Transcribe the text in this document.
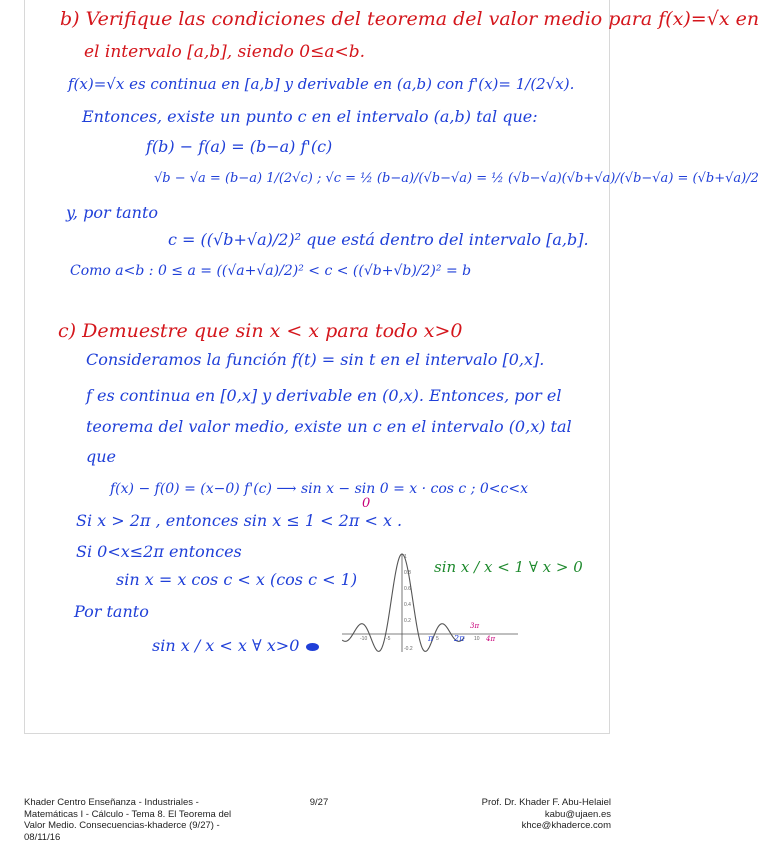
b) Verifique las condiciones del teorema del valor medio para f(x)=√x en
el intervalo [a,b], siendo 0≤a<b.
f(x)=√x es continua en [a,b] y derivable en (a,b) con f'(x)= 1/(2√x).
Entonces, existe un punto c en el intervalo (a,b) tal que:
f(b) − f(a) = (b−a) f'(c)
√b − √a = (b−a) 1/(2√c) ; √c = ½ (b−a)/(√b−√a) = ½ (√b−√a)(√b+√a)/(√b−√a) = (√b+√a)/2
y, por tanto
c = ((√b+√a)/2)² que está dentro del intervalo [a,b].
Como a<b : 0 ≤ a = ((√a+√a)/2)² < c < ((√b+√b)/2)² = b
c) Demuestre que sin x < x para todo x>0
Consideramos la función f(t) = sin t en el intervalo [0,x].
f es continua en [0,x] y derivable en (0,x). Entonces, por el
teorema del valor medio, existe un c en el intervalo (0,x) tal
que
f(x) − f(0) = (x−0) f'(c) ⟶ sin x − sin 0 = x · cos c ; 0<c<x
0
Si x > 2π , entonces sin x ≤ 1 < 2π < x .
Si 0<x≤2π entonces
sin x = x cos c < x (cos c < 1)
Por tanto
sin x / x < x ∀ x>0
sin x / x < 1 ∀ x > 0
1
0.8
0.6
0.4
0.2
-0.2
-10	-5	π 5 2π 10
3π
4π
Khader Centro Enseñanza - Industriales -
Matemáticas I - Cálculo - Tema 8. El Teorema del
Valor Medio. Consecuencias-khaderce (9/27) -
08/11/16
9/27	Prof. Dr. Khader F. Abu-Helaiel
kabu@ujaen.es
khce@khaderce.com
